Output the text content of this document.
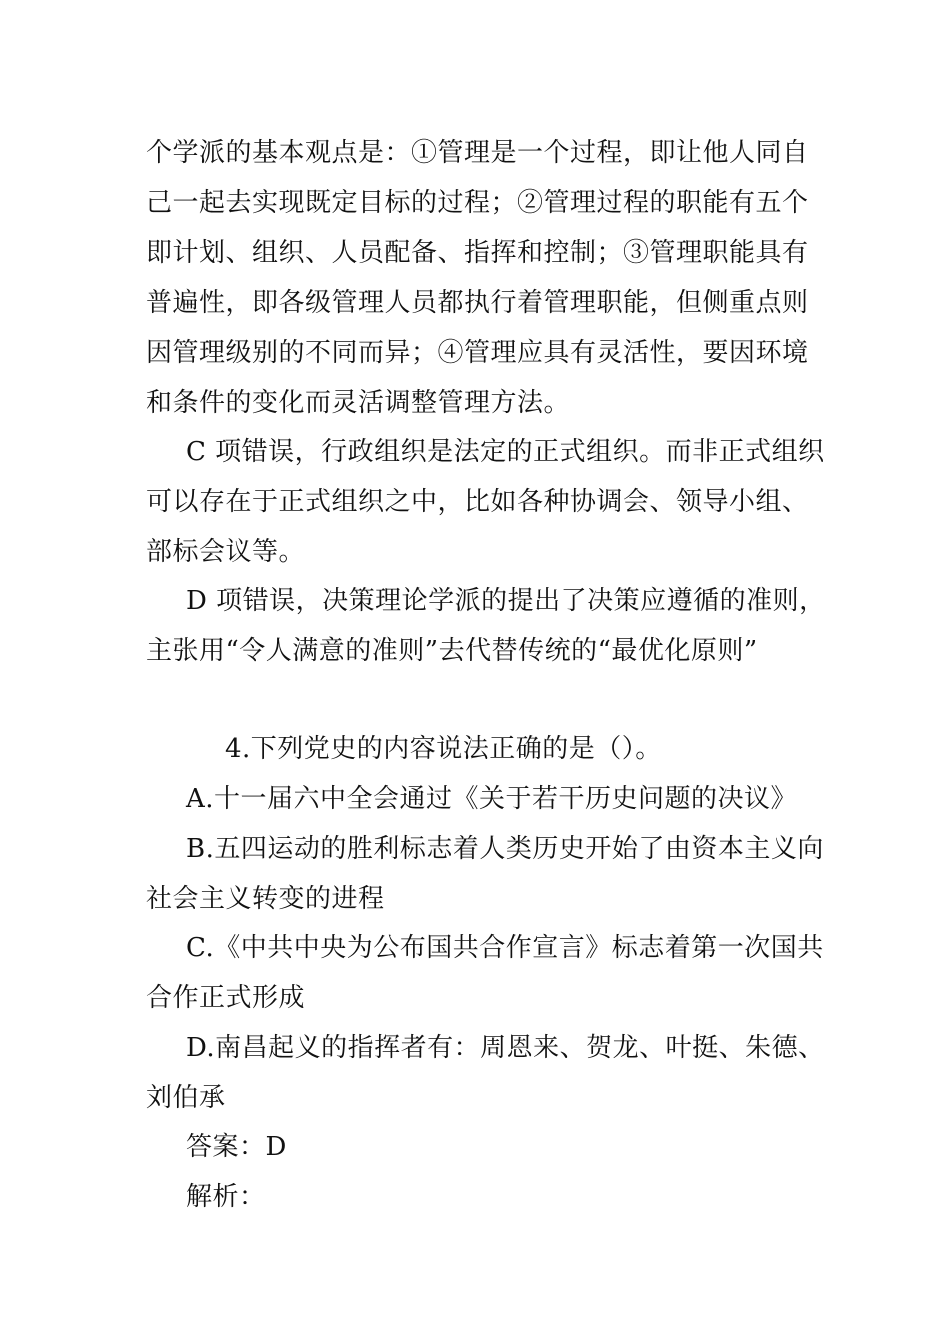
个学派的基本观点是：①管理是一个过程，即让他人同自
己一起去实现既定目标的过程；②管理过程的职能有五个
即计划、组织、人员配备、指挥和控制；③管理职能具有
普遍性，即各级管理人员都执行着管理职能，但侧重点则
因管理级别的不同而异；④管理应具有灵活性，要因环境
和条件的变化而灵活调整管理方法。
C 项错误，行政组织是法定的正式组织。而非正式组织
可以存在于正式组织之中，比如各种协调会、领导小组、
部标会议等。
D 项错误，决策理论学派的提出了决策应遵循的准则，
主张用“令人满意的准则”去代替传统的“最优化原则”
4.下列党史的内容说法正确的是（）。
A.十一届六中全会通过《关于若干历史问题的决议》
B.五四运动的胜利标志着人类历史开始了由资本主义向
社会主义转变的进程
C.《中共中央为公布国共合作宣言》标志着第一次国共
合作正式形成
D.南昌起义的指挥者有：周恩来、贺龙、叶挺、朱德、
刘伯承
答案：D
解析：
